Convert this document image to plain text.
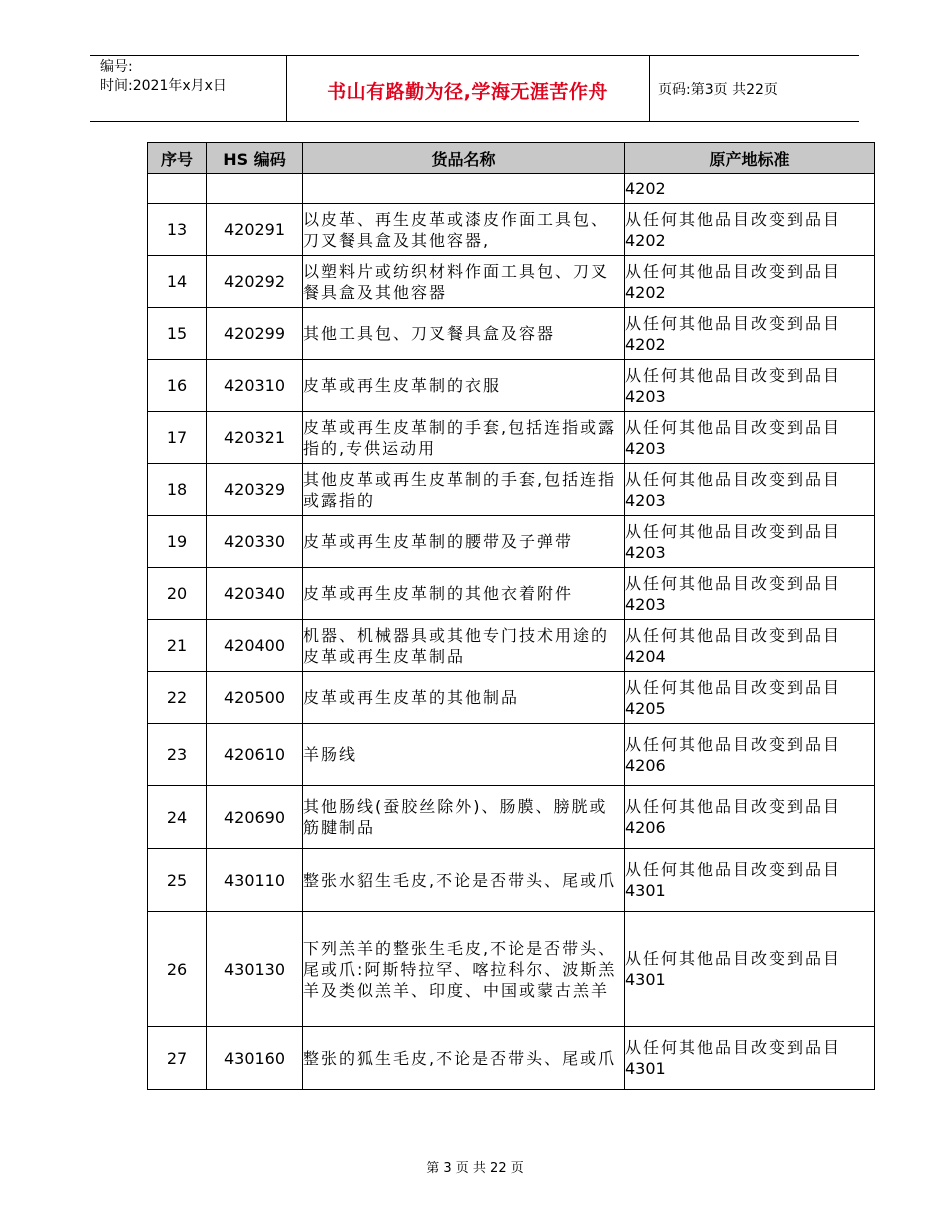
编号:
时间:2021年x月x日	书山有路勤为径,学海无涯苦作舟	页码:第3页 共22页
序号	HS 编码	货品名称	原产地标准

			4202

13	420291	以皮革、再生皮革或漆皮作面工具包、刀叉餐具盒及其他容器,	从任何其他品目改变到品目
4202

14	420292	以塑料片或纺织材料作面工具包、刀叉餐具盒及其他容器	从任何其他品目改变到品目
4202

15	420299	其他工具包、刀叉餐具盒及容器	从任何其他品目改变到品目
4202

16	420310	皮革或再生皮革制的衣服	从任何其他品目改变到品目
4203

17	420321	皮革或再生皮革制的手套,包括连指或露指的,专供运动用	从任何其他品目改变到品目
4203

18	420329	其他皮革或再生皮革制的手套,包括连指或露指的	从任何其他品目改变到品目
4203

19	420330	皮革或再生皮革制的腰带及子弹带	从任何其他品目改变到品目
4203

20	420340	皮革或再生皮革制的其他衣着附件	从任何其他品目改变到品目
4203

21	420400	机器、机械器具或其他专门技术用途的皮革或再生皮革制品	从任何其他品目改变到品目
4204

22	420500	皮革或再生皮革的其他制品	从任何其他品目改变到品目
4205

23	420610	羊肠线	从任何其他品目改变到品目
4206

24	420690	其他肠线(蚕胶丝除外)、肠膜、膀胱或筋腱制品	从任何其他品目改变到品目
4206

25	430110	整张水貂生毛皮,不论是否带头、尾或爪	从任何其他品目改变到品目
4301

26	430130	下列羔羊的整张生毛皮,不论是否带头、尾或爪:阿斯特拉罕、喀拉科尔、波斯羔羊及类似羔羊、印度、中国或蒙古羔羊	从任何其他品目改变到品目
4301

27	430160	整张的狐生毛皮,不论是否带头、尾或爪	从任何其他品目改变到品目
4301
第 3 页 共 22 页
